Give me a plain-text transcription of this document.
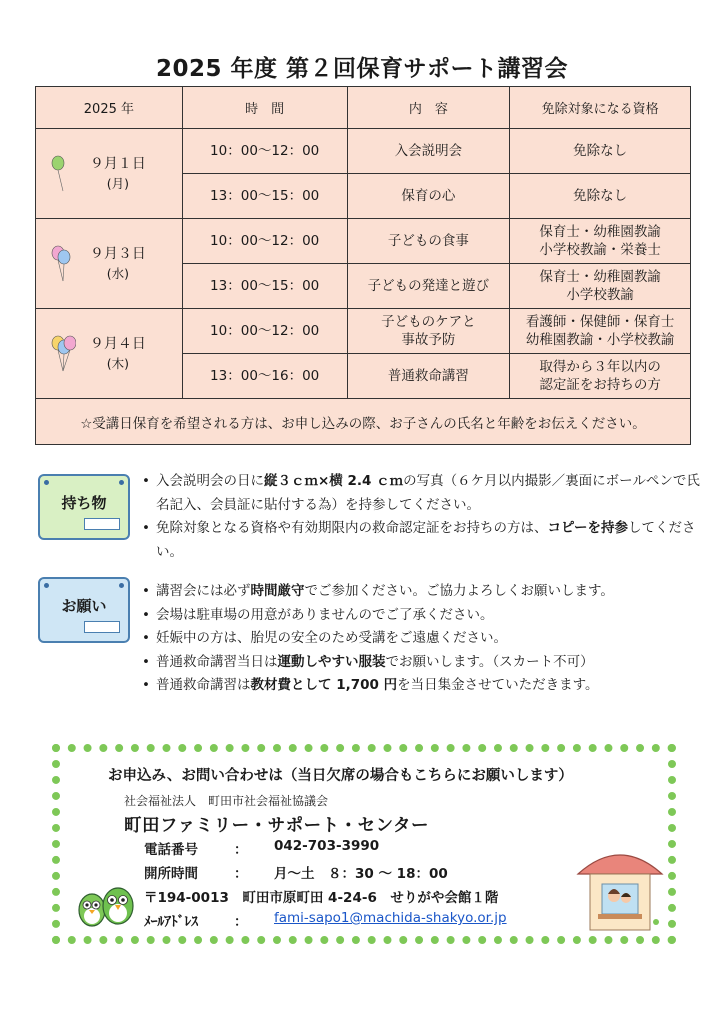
2025 年度 第２回保育サポート講習会
2025 年	時　間	内　容	免除対象になる資格

９月１日
(月)	10：00〜12：00	入会説明会	免除なし
	13：00〜15：00	保育の心	免除なし

９月３日
(水)	10：00〜12：00	子どもの食事	保育士・幼稚園教諭
小学校教諭・栄養士
	13：00〜15：00	子どもの発達と遊び	保育士・幼稚園教諭
小学校教諭

９月４日
(木)	10：00〜12：00	子どものケアと
事故予防	看護師・保健師・保育士
幼稚園教諭・小学校教諭
	13：00〜16：00	普通救命講習	取得から３年以内の
認定証をお持ちの方
☆受講日保育を希望される方は、お申し込みの際、お子さんの氏名と年齢をお伝えください。			
持ち物
• 入会説明会の日に縦３ｃｍ×横 2.4 ｃｍの写真（６ケ月以内撮影／裏面にボールペンで氏名記入、会員証に貼付する為）を持参してください。
• 免除対象となる資格や有効期限内の救命認定証をお持ちの方は、コピーを持参してください。
お願い
• 講習会には必ず時間厳守でご参加ください。ご協力よろしくお願いします。
• 会場は駐車場の用意がありませんのでご了承ください。
• 妊娠中の方は、胎児の安全のため受講をご遠慮ください。
• 普通救命講習当日は運動しやすい服装でお願いします。（スカート不可）
• 普通救命講習は教材費として 1,700 円を当日集金させていただきます。
お申込み、お問い合わせは（当日欠席の場合もこちらにお願いします）
社会福祉法人　町田市社会福祉協議会
町田ファミリー・サポート・センター
電話番号	：	042-703-3990
開所時間	：	月〜土　８：30 〜 18：00
〒194-0013　町田市原町田 4-24-6　せりがや会館１階
ﾒｰﾙｱﾄﾞﾚｽ	：	fami-sapo1@machida-shakyo.or.jp
